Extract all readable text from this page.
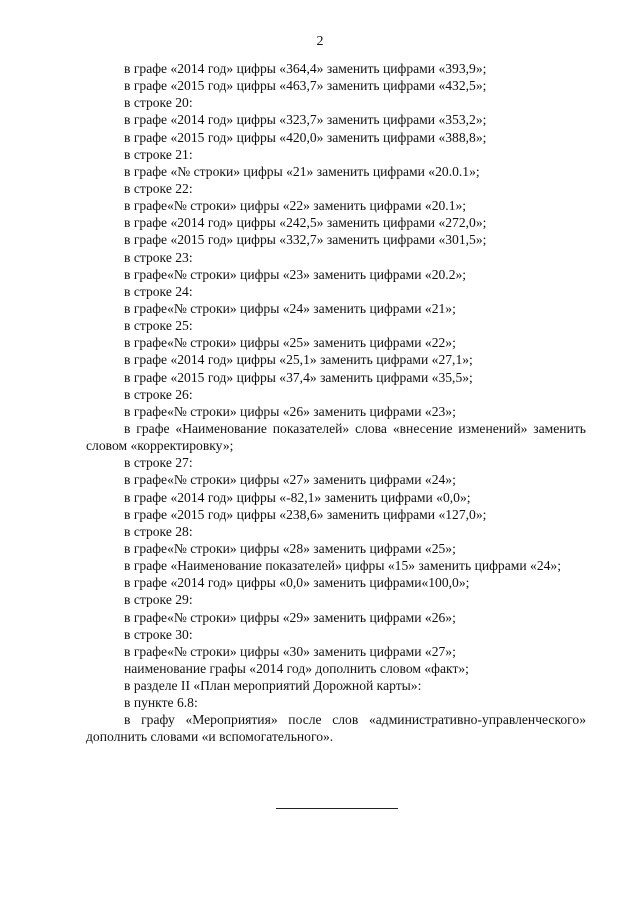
2
в графе «2014 год» цифры «364,4» заменить цифрами «393,9»;
в графе «2015 год» цифры «463,7» заменить цифрами «432,5»;
в строке 20:
в графе «2014 год» цифры «323,7» заменить цифрами «353,2»;
в графе «2015 год» цифры «420,0» заменить цифрами «388,8»;
в строке 21:
в графе «№ строки» цифры «21» заменить цифрами «20.0.1»;
в строке 22:
в графе«№ строки» цифры «22» заменить цифрами «20.1»;
в графе «2014 год» цифры «242,5» заменить цифрами «272,0»;
в графе «2015 год» цифры «332,7» заменить цифрами «301,5»;
в строке 23:
в графе«№ строки» цифры «23» заменить цифрами «20.2»;
в строке 24:
в графе«№ строки» цифры «24» заменить цифрами «21»;
в строке 25:
в графе«№ строки» цифры «25» заменить цифрами «22»;
в графе «2014 год» цифры «25,1» заменить цифрами «27,1»;
в графе «2015 год» цифры «37,4» заменить цифрами «35,5»;
в строке 26:
в графе«№ строки» цифры «26» заменить цифрами «23»;
в графе «Наименование показателей» слова «внесение изменений» заменить
словом «корректировку»;
в строке 27:
в графе«№ строки» цифры «27» заменить цифрами «24»;
в графе «2014 год» цифры «-82,1» заменить цифрами «0,0»;
в графе «2015 год» цифры «238,6» заменить цифрами «127,0»;
в строке 28:
в графе«№ строки» цифры «28» заменить цифрами «25»;
в графе «Наименование показателей» цифры «15» заменить цифрами «24»;
в графе «2014 год» цифры «0,0» заменить цифрами«100,0»;
в строке 29:
в графе«№ строки» цифры «29» заменить цифрами «26»;
в строке 30:
в графе«№ строки» цифры «30» заменить цифрами «27»;
наименование графы «2014 год» дополнить словом «факт»;
в разделе II «План мероприятий Дорожной карты»:
в пункте 6.8:
в графу «Мероприятия» после слов «административно-управленческого»
дополнить словами «и вспомогательного».
